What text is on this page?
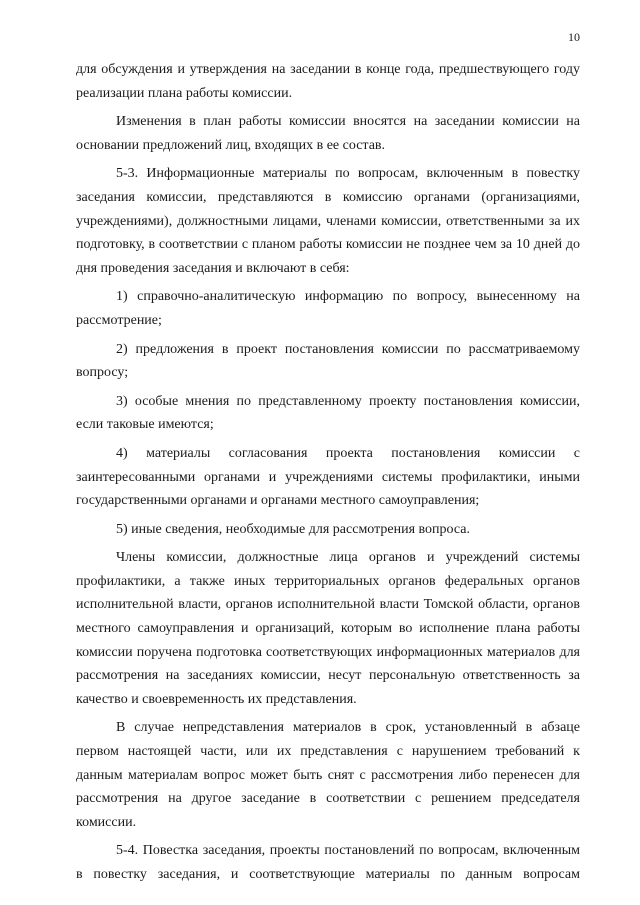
10

для обсуждения и утверждения на заседании в конце года, предшествующего году реализации плана работы комиссии.

Изменения в план работы комиссии вносятся на заседании комиссии на основании предложений лиц, входящих в ее состав.

5-3. Информационные материалы по вопросам, включенным в повестку заседания комиссии, представляются в комиссию органами (организациями, учреждениями), должностными лицами, членами комиссии, ответственными за их подготовку, в соответствии с планом работы комиссии не позднее чем за 10 дней до дня проведения заседания и включают в себя:

1) справочно-аналитическую информацию по вопросу, вынесенному на рассмотрение;

2) предложения в проект постановления комиссии по рассматриваемому вопросу;

3) особые мнения по представленному проекту постановления комиссии, если таковые имеются;

4) материалы согласования проекта постановления комиссии с заинтересованными органами и учреждениями системы профилактики, иными государственными органами и органами местного самоуправления;

5) иные сведения, необходимые для рассмотрения вопроса.

Члены комиссии, должностные лица органов и учреждений системы профилактики, а также иных территориальных органов федеральных органов исполнительной власти, органов исполнительной власти Томской области, органов местного самоуправления и организаций, которым во исполнение плана работы комиссии поручена подготовка соответствующих информационных материалов для рассмотрения на заседаниях комиссии, несут персональную ответственность за качество и своевременность их представления.

В случае непредставления материалов в срок, установленный в абзаце первом настоящей части, или их представления с нарушением требований к данным материалам вопрос может быть снят с рассмотрения либо перенесен для рассмотрения на другое заседание в соответствии с решением председателя комиссии.

5-4. Повестка заседания, проекты постановлений по вопросам, включенным в повестку заседания, и соответствующие материалы по данным вопросам
